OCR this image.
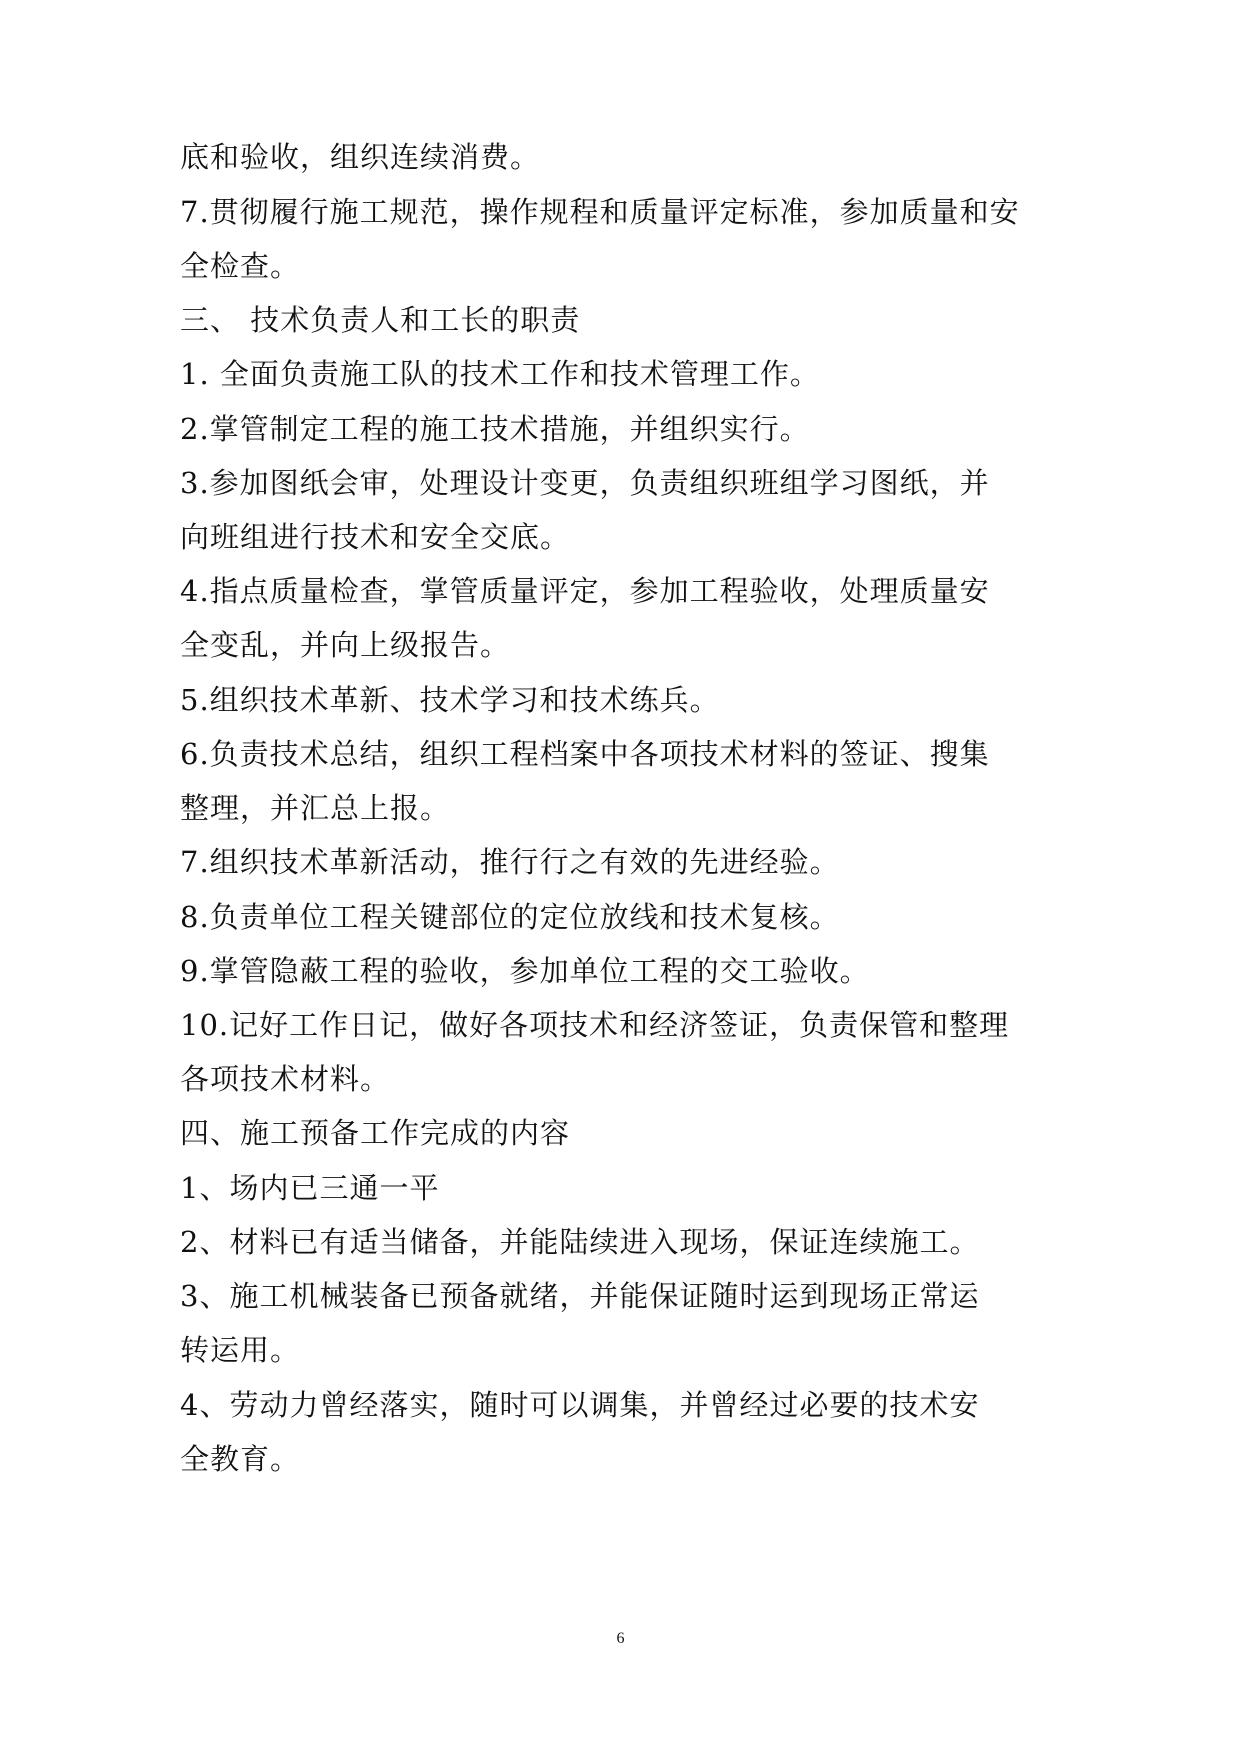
底和验收，组织连续消费。
7.贯彻履行施工规范，操作规程和质量评定标准，参加质量和安
全检查。
三、 技术负责人和工长的职责
1. 全面负责施工队的技术工作和技术管理工作。
2.掌管制定工程的施工技术措施，并组织实行。
3.参加图纸会审，处理设计变更，负责组织班组学习图纸，并
向班组进行技术和安全交底。
4.指点质量检查，掌管质量评定，参加工程验收，处理质量安
全变乱，并向上级报告。
5.组织技术革新、技术学习和技术练兵。
6.负责技术总结，组织工程档案中各项技术材料的签证、搜集
整理，并汇总上报。
7.组织技术革新活动，推行行之有效的先进经验。
8.负责单位工程关键部位的定位放线和技术复核。
9.掌管隐蔽工程的验收，参加单位工程的交工验收。
10.记好工作日记，做好各项技术和经济签证，负责保管和整理
各项技术材料。
四、施工预备工作完成的内容
1、场内已三通一平
2、材料已有适当储备，并能陆续进入现场，保证连续施工。
3、施工机械装备已预备就绪，并能保证随时运到现场正常运
转运用。
4、劳动力曾经落实，随时可以调集，并曾经过必要的技术安
全教育。
6
